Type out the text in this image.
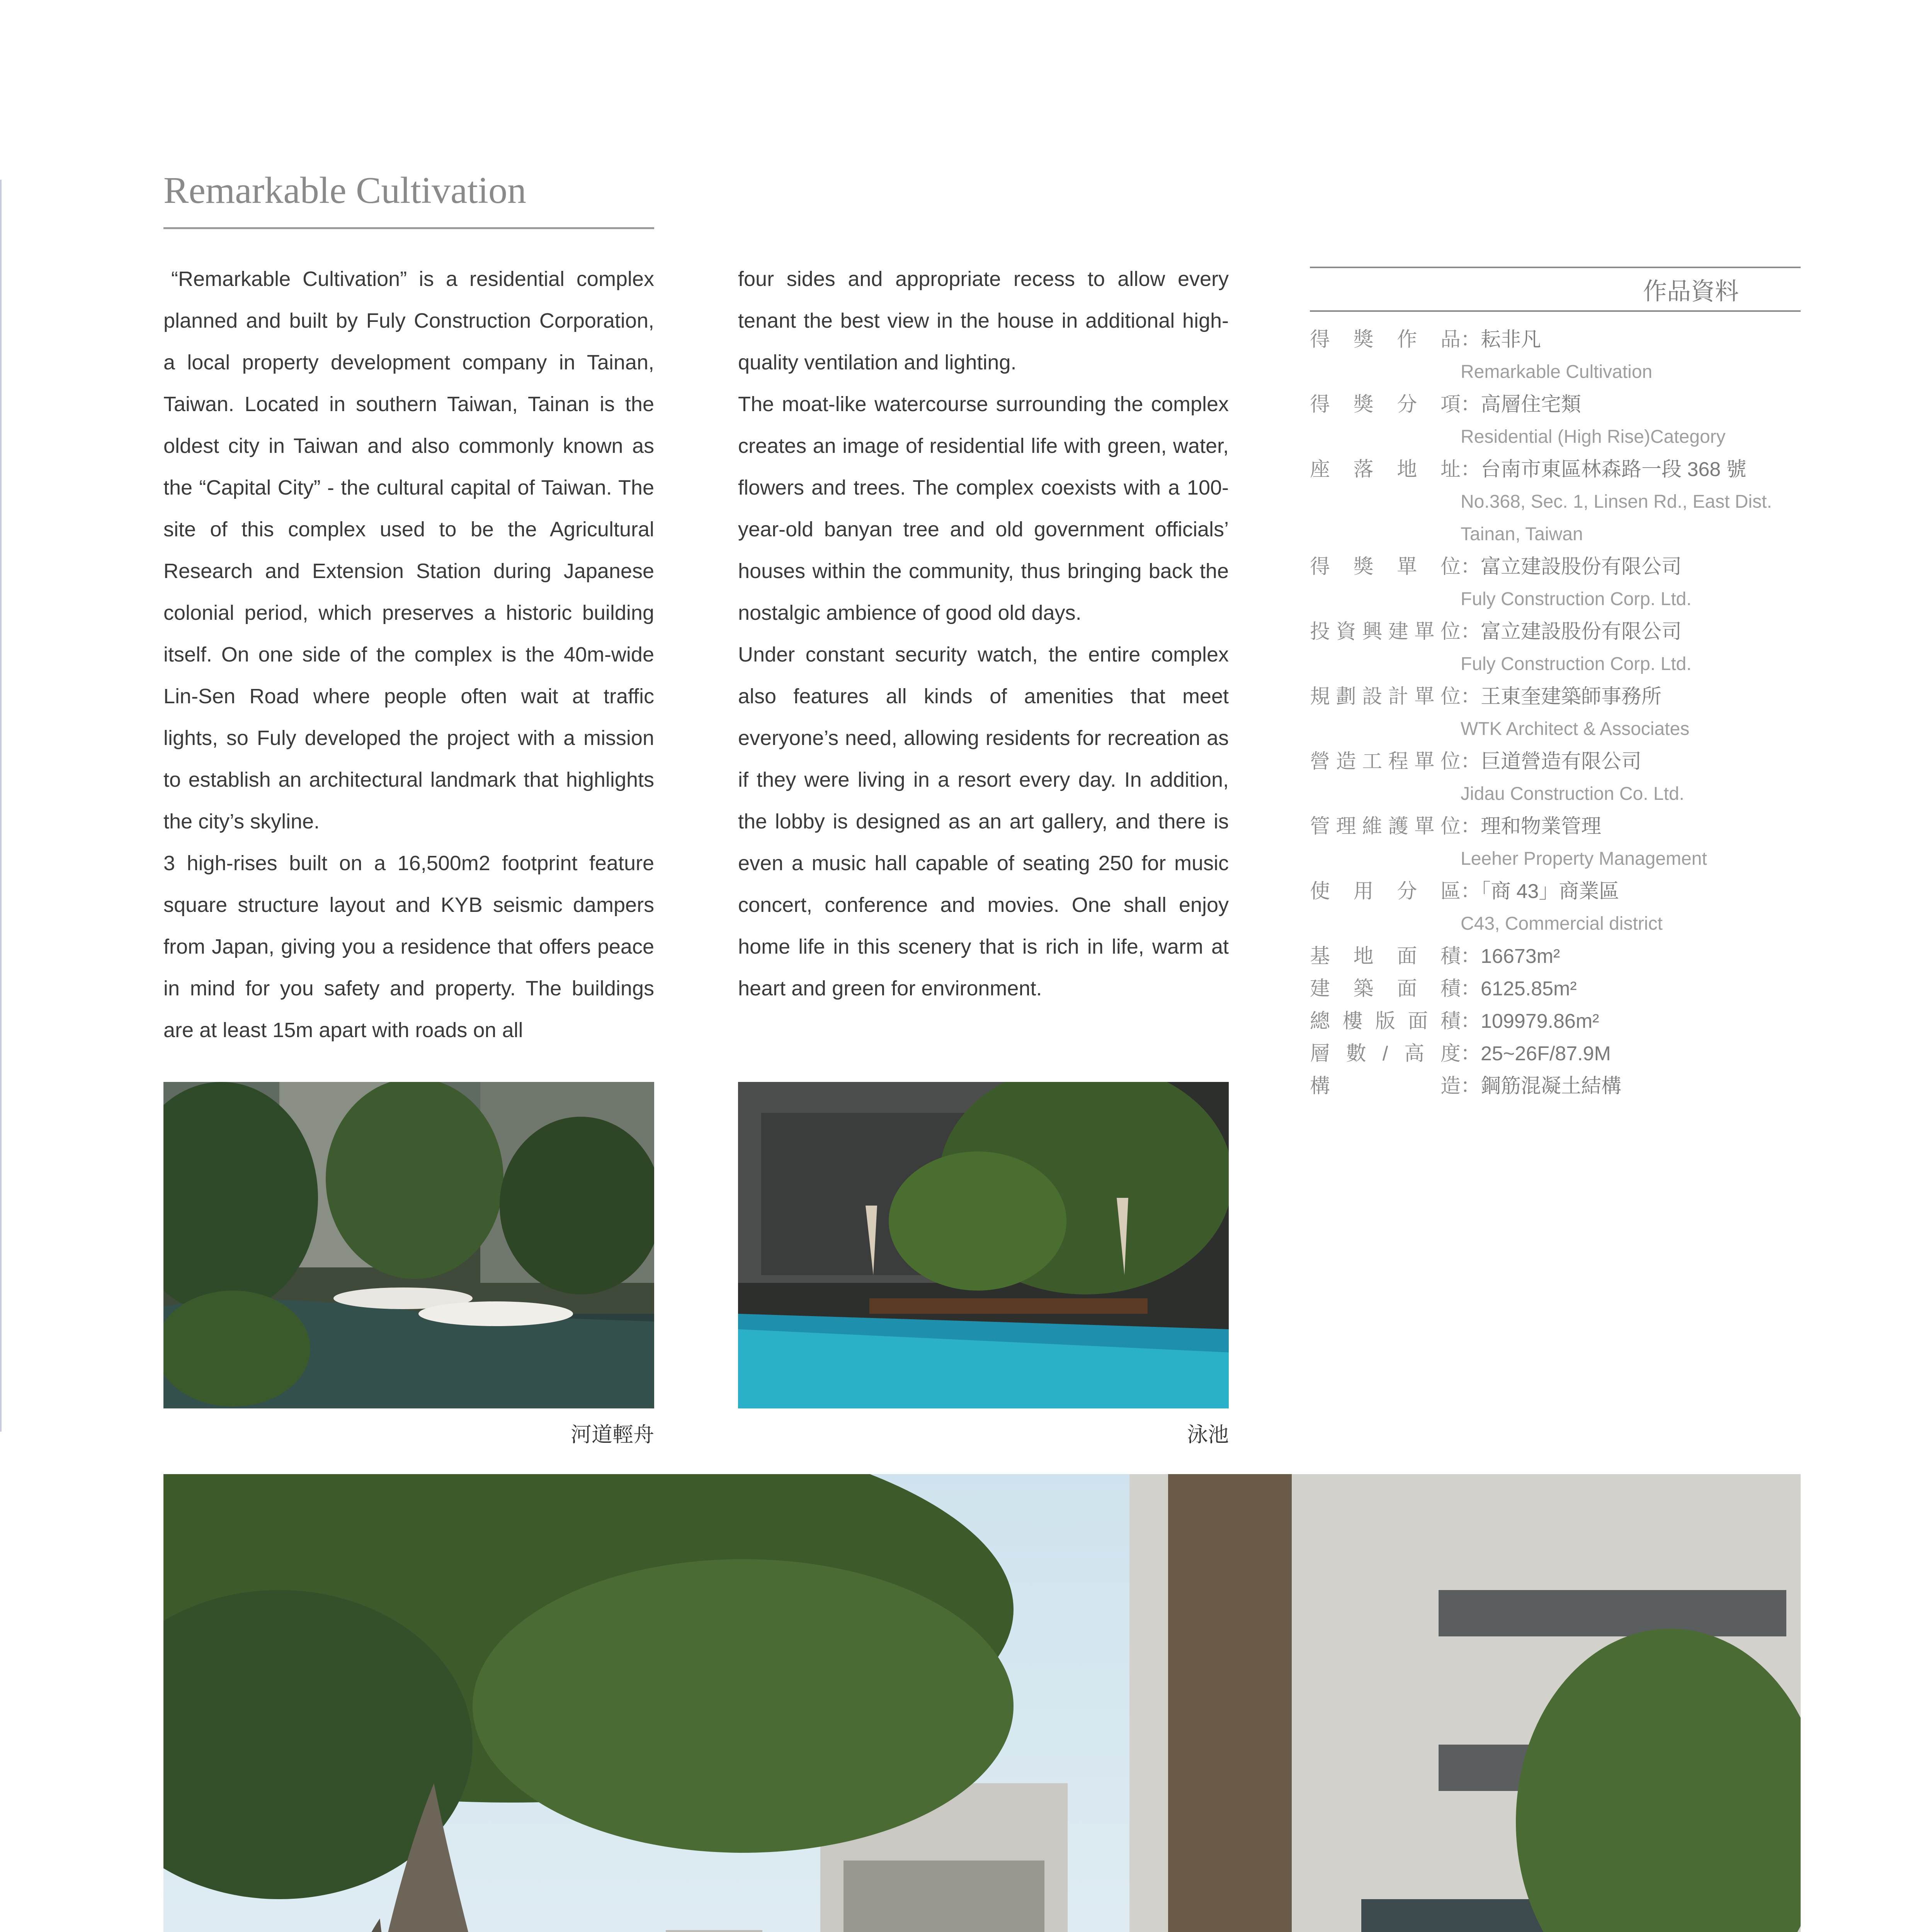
Remarkable Cultivation

“Remarkable Cultivation” is a residential complex planned and built by Fuly Construction Corporation, a local property development company in Tainan, Taiwan. Located in southern Taiwan, Tainan is the oldest city in Taiwan and also commonly known as the “Capital City” - the cultural capital of Taiwan. The site of this complex used to be the Agricultural Research and Extension Station during Japanese colonial period, which preserves a historic building itself. On one side of the complex is the 40m-wide Lin-Sen Road where people often wait at traffic lights, so Fuly developed the project with a mission to establish an architectural landmark that highlights the city’s skyline.

3 high-rises built on a 16,500m2 footprint feature square structure layout and KYB seismic dampers from Japan, giving you a residence that offers peace in mind for you safety and property. The buildings are at least 15m apart with roads on all

four sides and appropriate recess to allow every tenant the best view in the house in additional high-quality ventilation and lighting.

The moat-like watercourse surrounding the complex creates an image of residential life with green, water, flowers and trees. The complex coexists with a 100-year-old banyan tree and old government officials’ houses within the community, thus bringing back the nostalgic ambience of good old days.

Under constant security watch, the entire complex also features all kinds of amenities that meet everyone’s need, allowing residents for recreation as if they were living in a resort every day. In addition, the lobby is designed as an art gallery, and there is even a music hall capable of seating 250 for music concert, conference and movies. One shall enjoy home life in this scenery that is rich in life, warm at heart and green for environment.

河道輕舟	泳池
作品資料
得獎作品 ：耘非凡
Remarkable Cultivation
得獎分項 ：高層住宅類
Residential (High Rise)Category
座落地址 ：台南市東區林森路一段 368 號
No.368, Sec. 1, Linsen Rd., East Dist. Tainan, Taiwan
得獎單位 ：富立建設股份有限公司
Fuly Construction Corp. Ltd.
投資興建單位 ：富立建設股份有限公司
Fuly Construction Corp. Ltd.
規劃設計單位 ：王東奎建築師事務所
WTK Architect & Associates
營造工程單位 ：巨道營造有限公司
Jidau Construction Co. Ltd.
管理維護單位 ：理和物業管理
Leeher Property Management
使用分區 ：「商 43」商業區
C43, Commercial district
基地面積 ：16673m²
建築面積 ：6125.85m²
總樓版面積 ：109979.86m²
層數/高度 ：25~26F/87.9M
構造 ：鋼筋混凝土結構
